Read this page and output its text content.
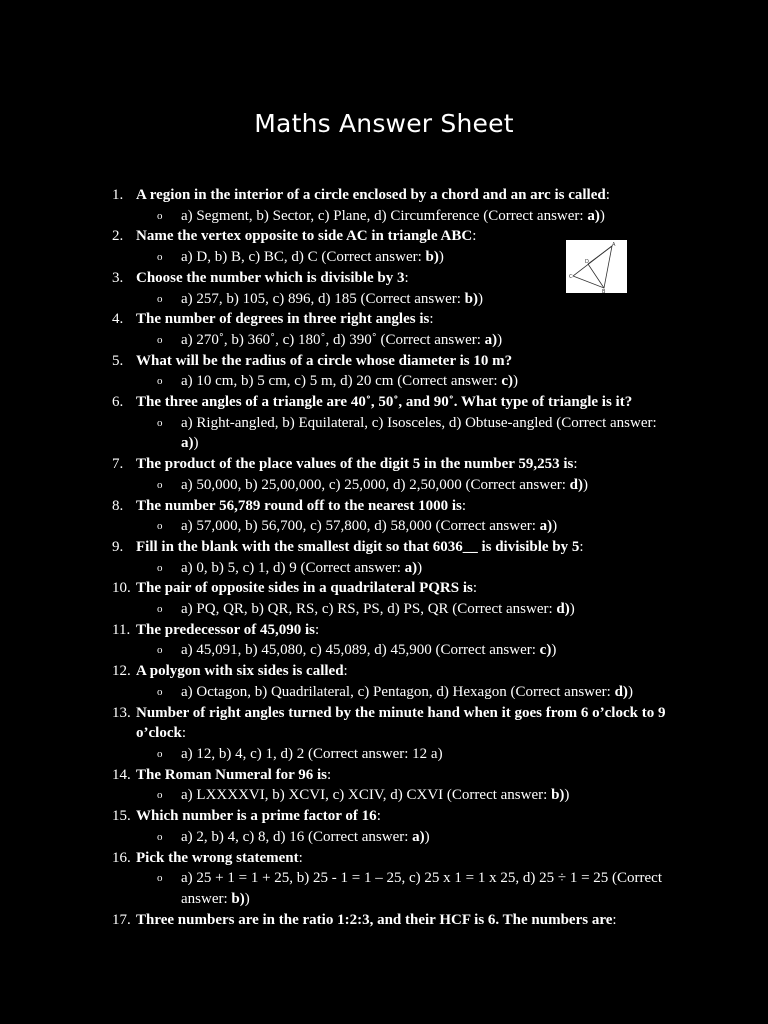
Maths Answer Sheet
A
D
C
B
1. A region in the interior of a circle enclosed by a chord and an arc is called:
o a) Segment, b) Sector, c) Plane, d) Circumference (Correct answer: a))
2. Name the vertex opposite to side AC in triangle ABC:
o a) D, b) B, c) BC, d) C (Correct answer: b))
3. Choose the number which is divisible by 3:
o a) 257, b) 105, c) 896, d) 185 (Correct answer: b))
4. The number of degrees in three right angles is:
o a) 270˚, b) 360˚, c) 180˚, d) 390˚ (Correct answer: a))
5. What will be the radius of a circle whose diameter is 10 m?
o a) 10 cm, b) 5 cm, c) 5 m, d) 20 cm (Correct answer: c))
6. The three angles of a triangle are 40˚, 50˚, and 90˚. What type of triangle is it?
o a) Right-angled, b) Equilateral, c) Isosceles, d) Obtuse-angled (Correct answer: a))
7. The product of the place values of the digit 5 in the number 59,253 is:
o a) 50,000, b) 25,00,000, c) 25,000, d) 2,50,000 (Correct answer: d))
8. The number 56,789 round off to the nearest 1000 is:
o a) 57,000, b) 56,700, c) 57,800, d) 58,000 (Correct answer: a))
9. Fill in the blank with the smallest digit so that 6036__ is divisible by 5:
o a) 0, b) 5, c) 1, d) 9 (Correct answer: a))
10. The pair of opposite sides in a quadrilateral PQRS is:
o a) PQ, QR, b) QR, RS, c) RS, PS, d) PS, QR (Correct answer: d))
11. The predecessor of 45,090 is:
o a) 45,091, b) 45,080, c) 45,089, d) 45,900 (Correct answer: c))
12. A polygon with six sides is called:
o a) Octagon, b) Quadrilateral, c) Pentagon, d) Hexagon (Correct answer: d))
13. Number of right angles turned by the minute hand when it goes from 6 o’clock to 9 o’clock:
o a) 12, b) 4, c) 1, d) 2 (Correct answer: 12 a)
14. The Roman Numeral for 96 is:
o a) LXXXXVI, b) XCVI, c) XCIV, d) CXVI (Correct answer: b))
15. Which number is a prime factor of 16:
o a) 2, b) 4, c) 8, d) 16 (Correct answer: a))
16. Pick the wrong statement:
o a) 25 + 1 = 1 + 25, b) 25 - 1 = 1 – 25, c) 25 x 1 = 1 x 25, d) 25 ÷ 1 = 25 (Correct answer: b))
17. Three numbers are in the ratio 1:2:3, and their HCF is 6. The numbers are:
